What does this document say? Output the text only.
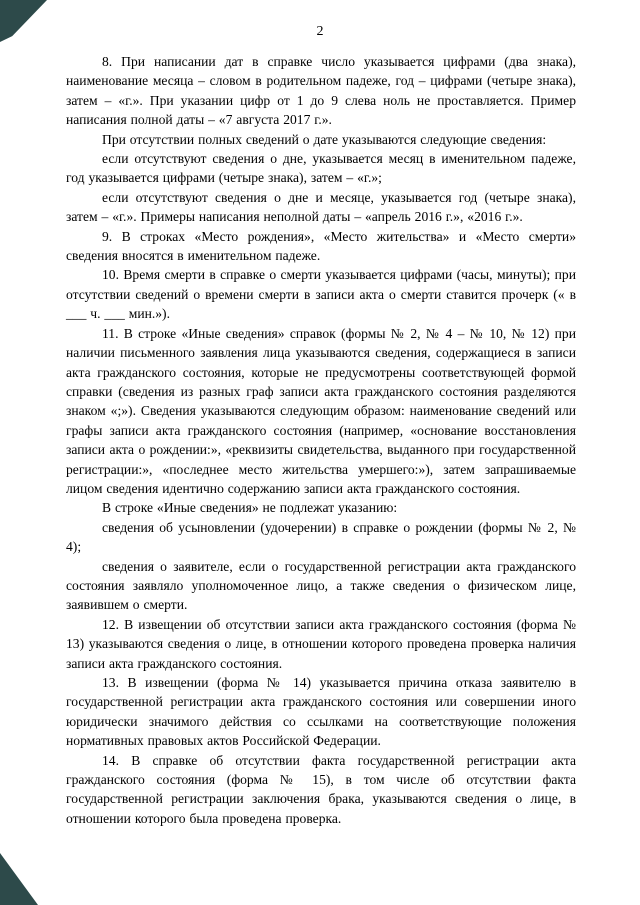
2

8. При написании дат в справке число указывается цифрами (два знака), наименование месяца – словом в родительном падеже, год – цифрами (четыре знака), затем – «г.». При указании цифр от 1 до 9 слева ноль не проставляется. Пример написания полной даты – «7 августа 2017 г.».

При отсутствии полных сведений о дате указываются следующие сведения:

если отсутствуют сведения о дне, указывается месяц в именительном падеже, год указывается цифрами (четыре знака), затем – «г.»;

если отсутствуют сведения о дне и месяце, указывается год (четыре знака), затем – «г.». Примеры написания неполной даты – «апрель 2016 г.», «2016 г.».

9. В строках «Место рождения», «Место жительства» и «Место смерти» сведения вносятся в именительном падеже.

10. Время смерти в справке о смерти указывается цифрами (часы, минуты); при отсутствии сведений о времени смерти в записи акта о смерти ставится прочерк (« в ___ ч. ___ мин.»).

11. В строке «Иные сведения» справок (формы № 2, № 4 – № 10, № 12) при наличии письменного заявления лица указываются сведения, содержащиеся в записи акта гражданского состояния, которые не предусмотрены соответствующей формой справки (сведения из разных граф записи акта гражданского состояния разделяются знаком «;»). Сведения указываются следующим образом: наименование сведений или графы записи акта гражданского состояния (например, «основание восстановления записи акта о рождении:», «реквизиты свидетельства, выданного при государственной регистрации:», «последнее место жительства умершего:»), затем запрашиваемые лицом сведения идентично содержанию записи акта гражданского состояния.

В строке «Иные сведения» не подлежат указанию:

сведения об усыновлении (удочерении) в справке о рождении (формы № 2, № 4);

сведения о заявителе, если о государственной регистрации акта гражданского состояния заявляло уполномоченное лицо, а также сведения о физическом лице, заявившем о смерти.

12. В извещении об отсутствии записи акта гражданского состояния (форма № 13) указываются сведения о лице, в отношении которого проведена проверка наличия записи акта гражданского состояния.

13. В извещении (форма № 14) указывается причина отказа заявителю в государственной регистрации акта гражданского состояния или совершении иного юридически значимого действия со ссылками на соответствующие положения нормативных правовых актов Российской Федерации.

14. В справке об отсутствии факта государственной регистрации акта гражданского состояния (форма № 15), в том числе об отсутствии факта государственной регистрации заключения брака, указываются сведения о лице, в отношении которого была проведена проверка.
